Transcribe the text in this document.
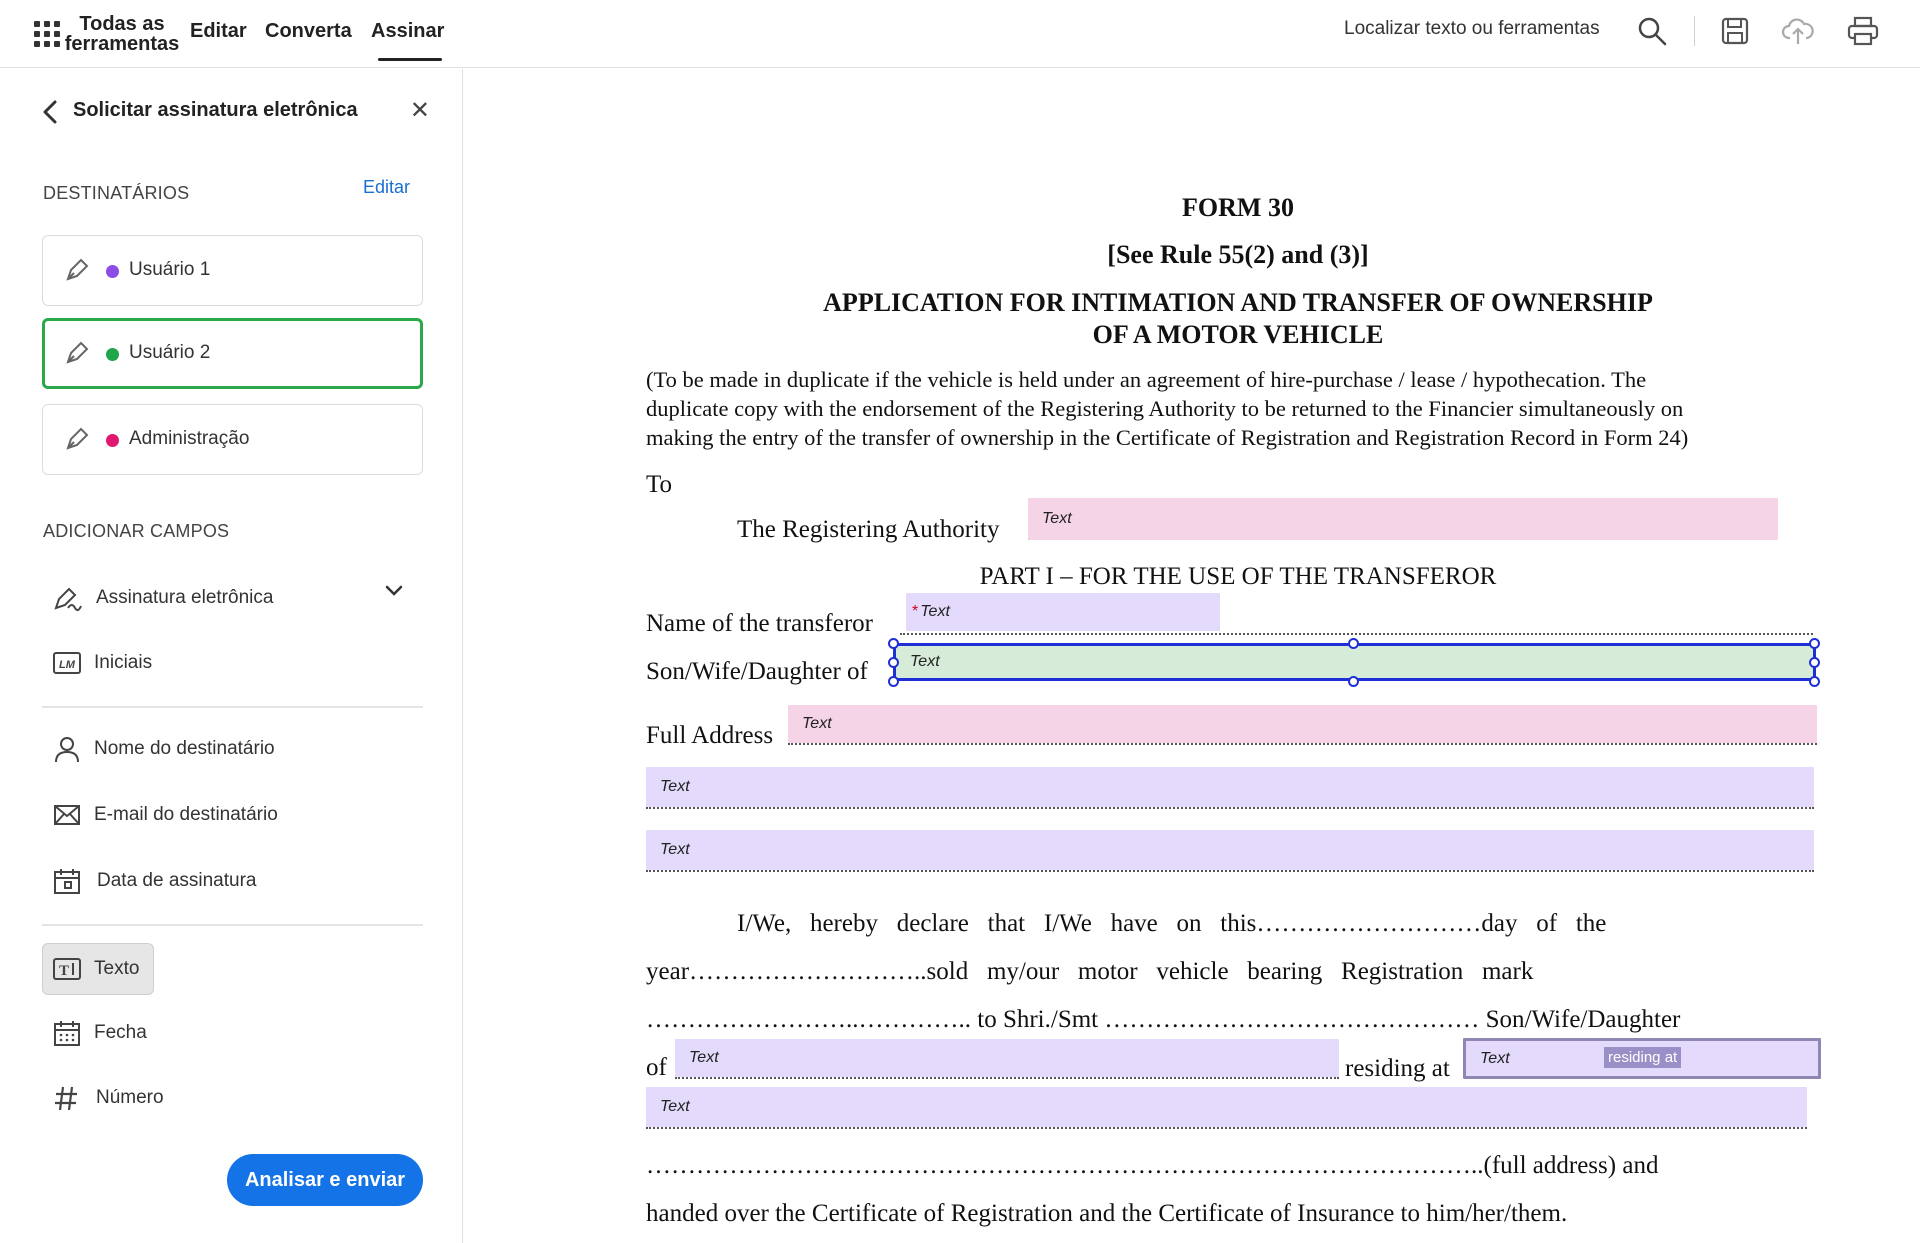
Todas as
ferramentas
Editar Converta Assinar	Localizar texto ou ferramentas
Solicitar assinatura eletrônica ✕
DESTINATÁRIOS	Editar
Usuário 1
Usuário 2
Administração
ADICIONAR CAMPOS
Assinatura eletrônica
LM Iniciais
Nome do destinatário
E-mail do destinatário
Data de assinatura
T Texto
Fecha
Número
Analisar e enviar
FORM 30
[See Rule 55(2) and (3)]
APPLICATION FOR INTIMATION AND TRANSFER OF OWNERSHIP
OF A MOTOR VEHICLE
(To be made in duplicate if the vehicle is held under an agreement of hire-purchase / lease / hypothecation. The
duplicate copy with the endorsement of the Registering Authority to be returned to the Financier simultaneously on
making the entry of the transfer of ownership in the Certificate of Registration and Registration Record in Form 24)
To
The Registering Authority	Text
PART I – FOR THE USE OF THE TRANSFEROR
Name of the transferor * Text
Son/Wife/Daughter of	Text
Full Address Text
Text
Text
I/We,   hereby   declare   that   I/We   have   on   this………………………day   of   the
year………………………..sold   my/our   motor   vehicle   bearing   Registration   mark
……………………..………….. to Shri./Smt ……………………………………… Son/Wife/Daughter
of Text	residing at Text	residing at
Text
………………………………………………………………………………………..(full address) and
handed over the Certificate of Registration and the Certificate of Insurance to him/her/them.
